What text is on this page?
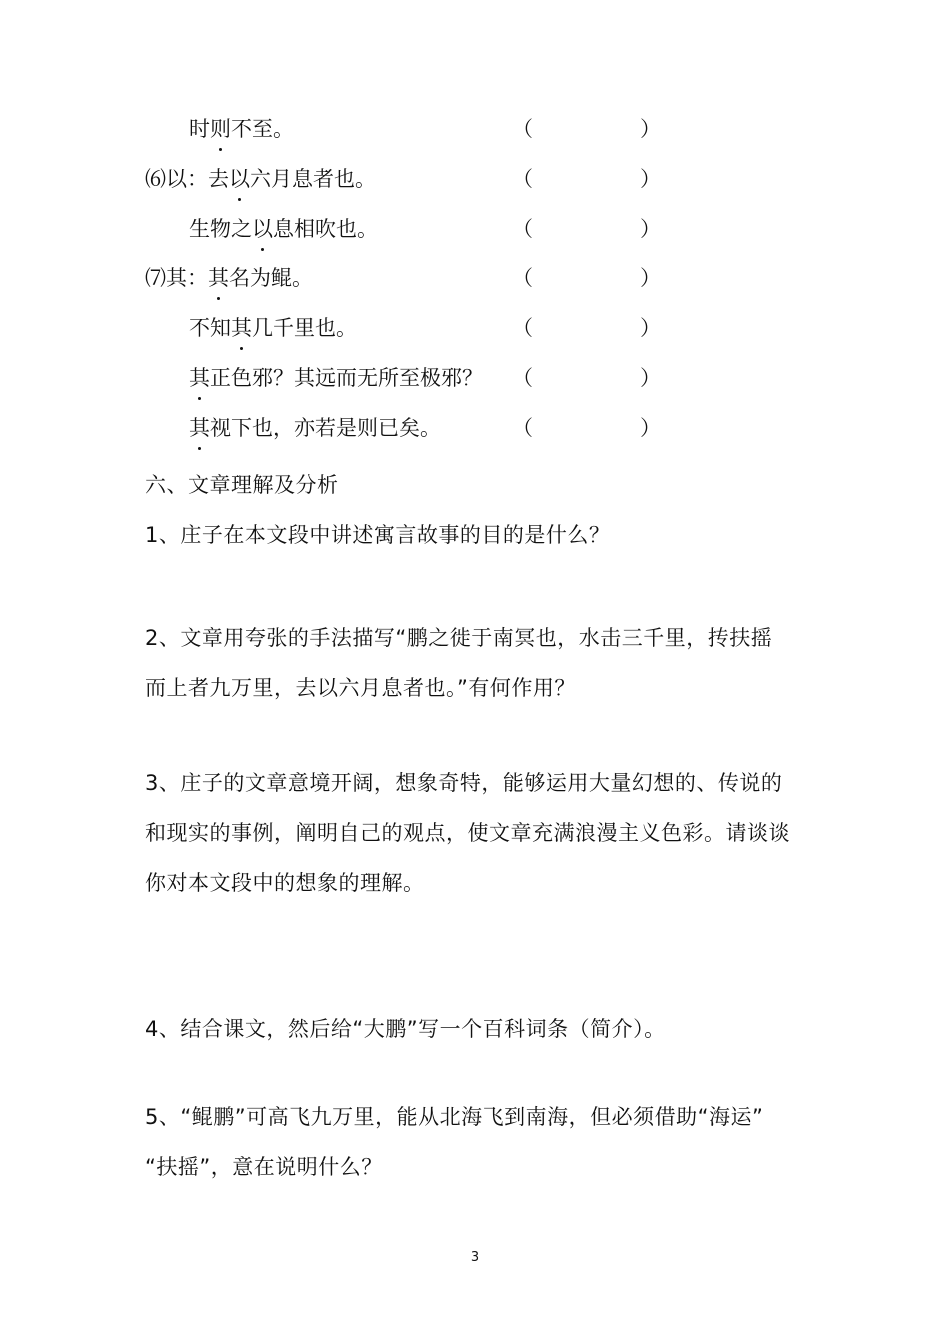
时则不至。	（	）
⑹以：去以六月息者也。	（	）
生物之以息相吹也。	（	）
⑺其：其名为鲲。	（	）
不知其几千里也。	（	）
其正色邪？其远而无所至极邪？ （	）
其视下也，亦若是则已矣。	（	）
六、文章理解及分析
1、庄子在本文段中讲述寓言故事的目的是什么？
2、文章用夸张的手法描写“鹏之徙于南冥也，水击三千里，抟扶摇
而上者九万里，去以六月息者也。”有何作用？
3、庄子的文章意境开阔，想象奇特，能够运用大量幻想的、传说的
和现实的事例，阐明自己的观点，使文章充满浪漫主义色彩。请谈谈
你对本文段中的想象的理解。
4、结合课文，然后给“大鹏”写一个百科词条（简介）。
5、“鲲鹏”可高飞九万里，能从北海飞到南海，但必须借助“海运”
“扶摇”，意在说明什么？
3
